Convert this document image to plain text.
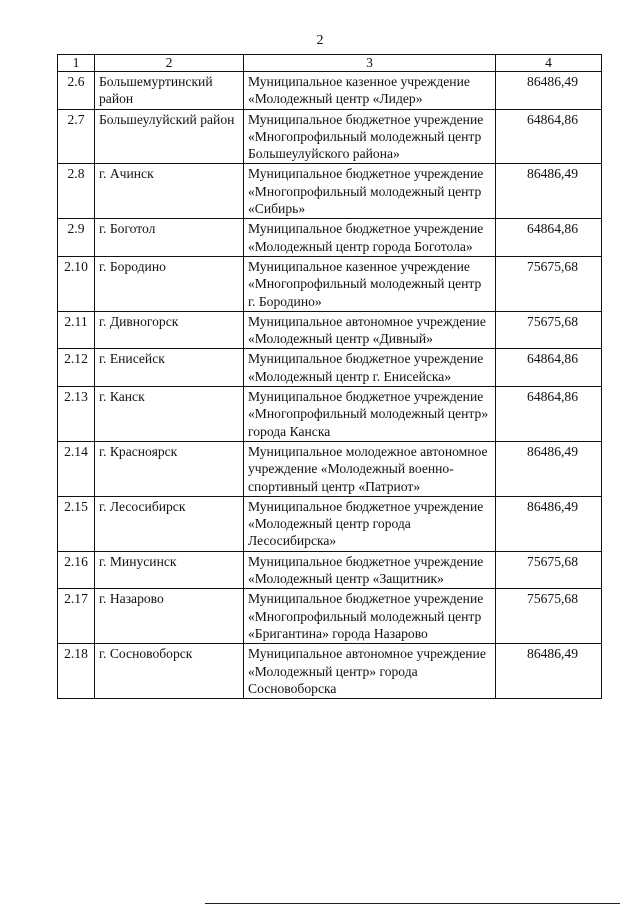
2
1	2	3	4
2.6	Большемуртинский район	Муниципальное казенное учреждение «Молодежный центр «Лидер»	86486,49
2.7	Большеулуйский район	Муниципальное бюджетное учреждение «Многопрофильный молодежный центр Большеулуйского района»	64864,86
2.8	г. Ачинск	Муниципальное бюджетное учреждение «Многопрофильный молодежный центр «Сибирь»	86486,49
2.9	г. Боготол	Муниципальное бюджетное учреждение «Молодежный центр города Боготола»	64864,86
2.10	г. Бородино	Муниципальное казенное учреждение «Многопрофильный молодежный центр г. Бородино»	75675,68
2.11	г. Дивногорск	Муниципальное автономное учреждение «Молодежный центр «Дивный»	75675,68
2.12	г. Енисейск	Муниципальное бюджетное учреждение «Молодежный центр г. Енисейска»	64864,86
2.13	г. Канск	Муниципальное бюджетное учреждение «Многопрофильный молодежный центр» города Канска	64864,86
2.14	г. Красноярск	Муниципальное молодежное автономное учреждение «Молодежный военно-спортивный центр «Патриот»	86486,49
2.15	г. Лесосибирск	Муниципальное бюджетное учреждение «Молодежный центр города Лесосибирска»	86486,49
2.16	г. Минусинск	Муниципальное бюджетное учреждение «Молодежный центр «Защитник»	75675,68
2.17	г. Назарово	Муниципальное бюджетное учреждение «Многопрофильный молодежный центр «Бригантина» города Назарово	75675,68
2.18	г. Сосновоборск	Муниципальное автономное учреждение «Молодежный центр» города Сосновоборска	86486,49
